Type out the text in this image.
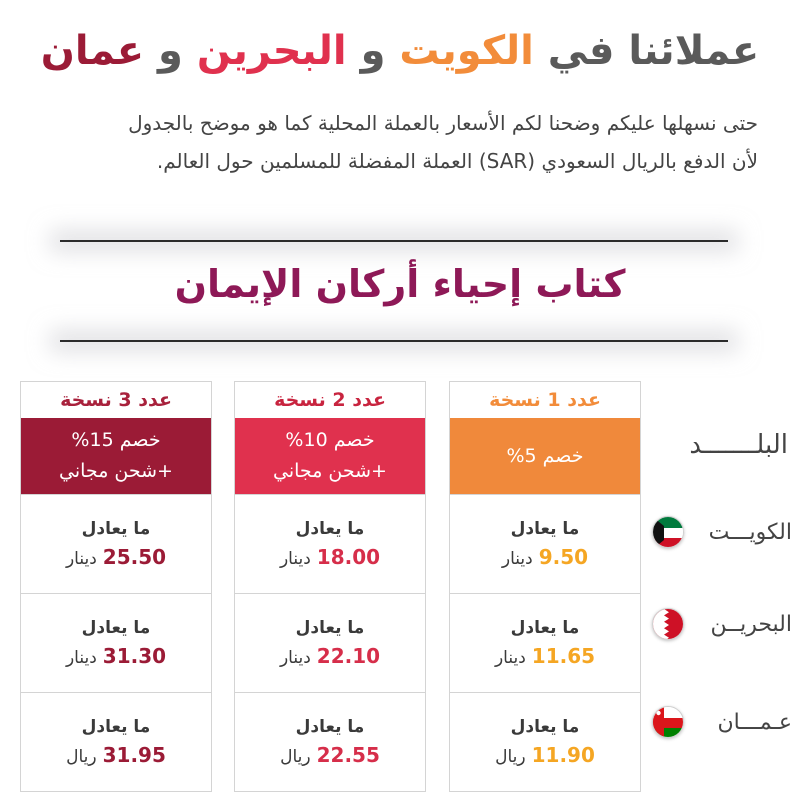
عملائنا في الكويت و البحرين و عمان
حتى نسهلها عليكم وضحنا لكم الأسعار بالعملة المحلية كما هو موضح بالجدول
لأن الدفع بالريال السعودي (SAR) العملة المفضلة للمسلمين حول العالم.
كتاب إحياء أركان الإيمان
عدد 1 نسخة
خصم 5%
ما يعادل
9.50دينار
ما يعادل
11.65دينار
ما يعادل
11.90ريال
عدد 2 نسخة
خصم 10%
+شحن مجاني
ما يعادل
18.00دينار
ما يعادل
22.10دينار
ما يعادل
22.55ريال
عدد 3 نسخة
خصم 15%
+شحن مجاني
ما يعادل
25.50دينار
ما يعادل
31.30دينار
ما يعادل
31.95ريال
البلـــــــد
الكويـــت
البحريــن
عـمـــان
